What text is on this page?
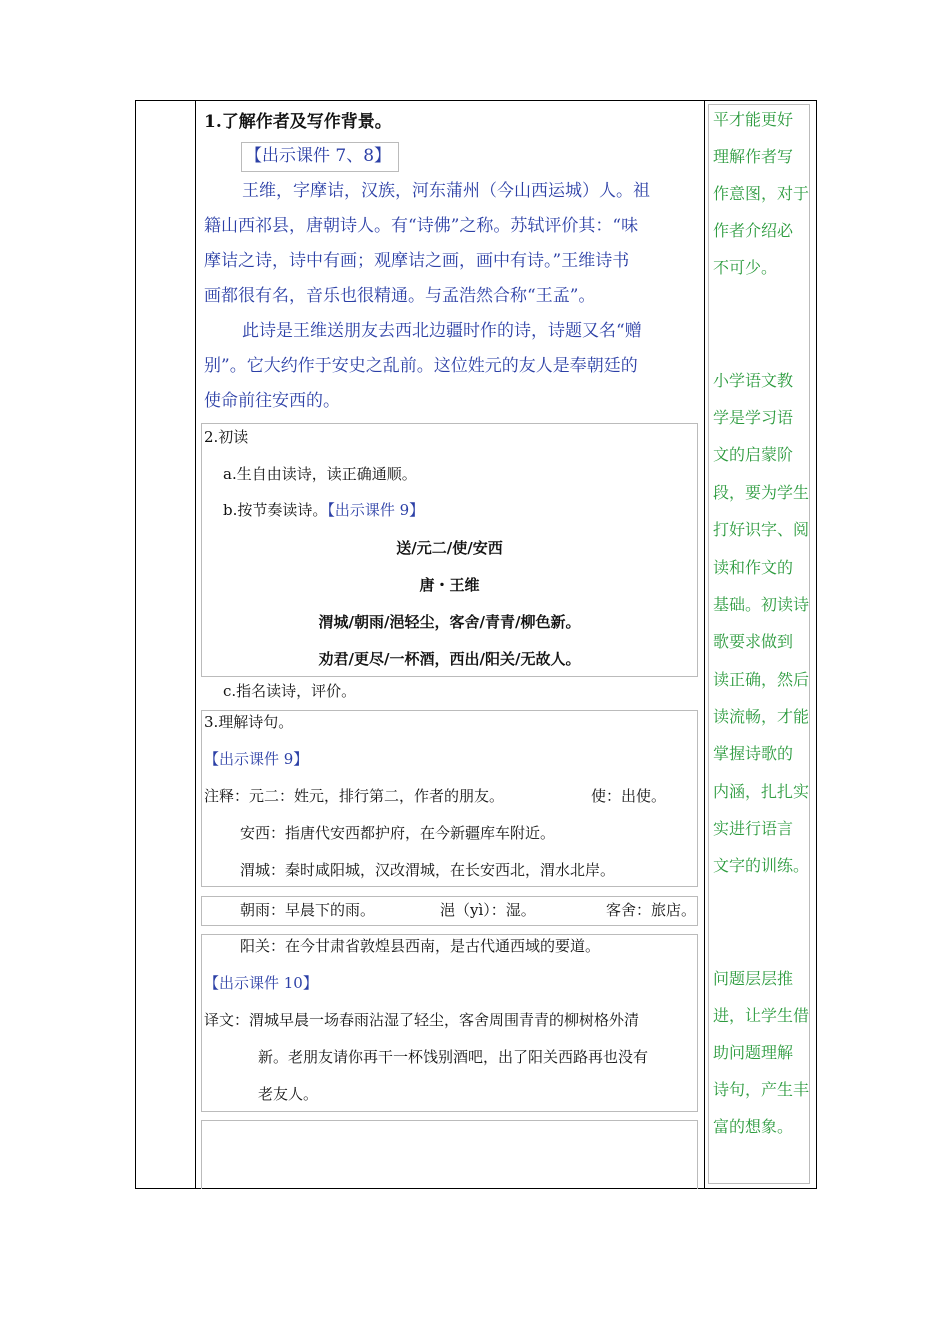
1.了解作者及写作背景。
【出示课件 7、8】
王维，字摩诘，汉族，河东蒲州（今山西运城）人。祖
籍山西祁县，唐朝诗人。有“诗佛”之称。苏轼评价其：“味
摩诘之诗，诗中有画；观摩诘之画，画中有诗。”王维诗书
画都很有名，音乐也很精通。与孟浩然合称“王孟”。
此诗是王维送朋友去西北边疆时作的诗，诗题又名“赠
别”。它大约作于安史之乱前。这位姓元的友人是奉朝廷的
使命前往安西的。
2.初读
a.生自由读诗，读正确通顺。
b.按节奏读诗。【出示课件 9】
送/元二/使/安西
唐・王维
渭城/朝雨/浥轻尘，客舍/青青/柳色新。
劝君/更尽/一杯酒，西出/阳关/无故人。
c.指名读诗，评价。
3.理解诗句。
【出示课件 9】
注释：元二：姓元，排行第二，作者的朋友。	使：出使。
安西：指唐代安西都护府，在今新疆库车附近。
渭城：秦时咸阳城，汉改渭城，在长安西北，渭水北岸。
朝雨：早晨下的雨。	浥（yì）：湿。	客舍：旅店。
阳关：在今甘肃省敦煌县西南，是古代通西域的要道。
【出示课件 10】
译文：渭城早晨一场春雨沾湿了轻尘，客舍周围青青的柳树格外清
新。老朋友请你再干一杯饯别酒吧，出了阳关西路再也没有
老友人。
平才能更好
理解作者写
作意图，对于
作者介绍必
不可少。
小学语文教
学是学习语
文的启蒙阶
段，要为学生
打好识字、阅
读和作文的
基础。初读诗
歌要求做到
读正确，然后
读流畅，才能
掌握诗歌的
内涵，扎扎实
实进行语言
文字的训练。
问题层层推
进，让学生借
助问题理解
诗句，产生丰
富的想象。
